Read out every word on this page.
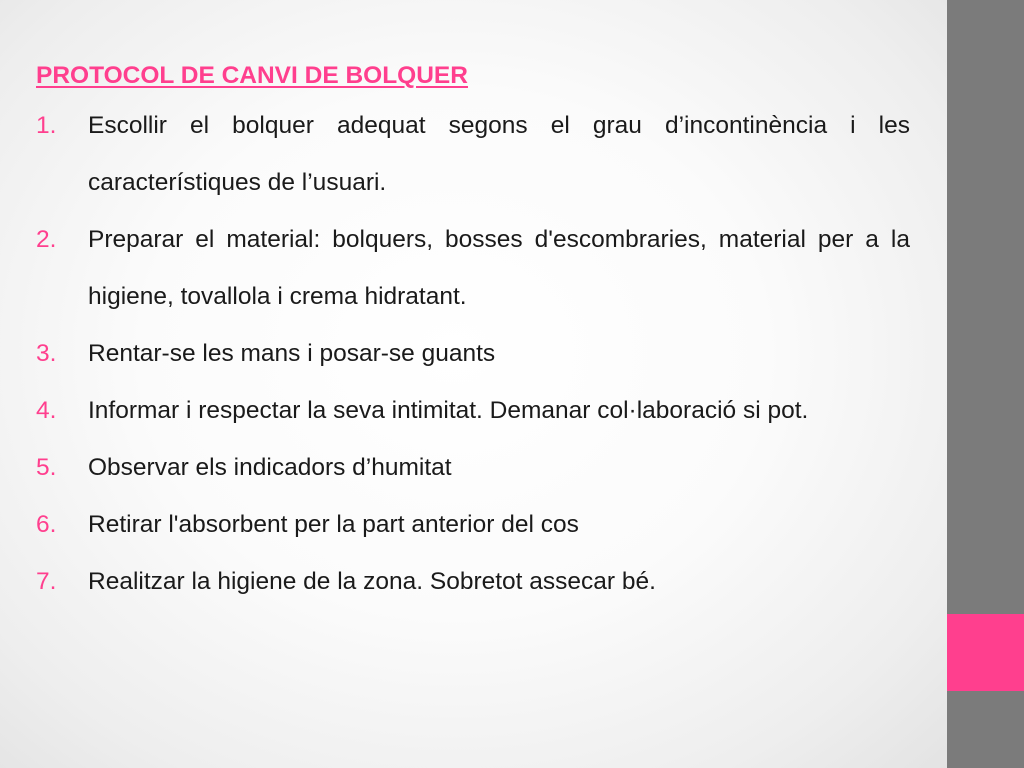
PROTOCOL DE CANVI DE BOLQUER
1.	Escollir el bolquer adequat segons el grau d’incontinència i les característiques de l’usuari.
2.	Preparar el material: bolquers, bosses d'escombraries, material per a la higiene, tovallola i crema hidratant.
3.	Rentar-se les mans i posar-se guants
4.	Informar i respectar la seva intimitat. Demanar col·laboració si pot.
5.	Observar els indicadors d’humitat
6.	Retirar l'absorbent per la part anterior del cos
7.	Realitzar la higiene de la zona. Sobretot assecar bé.
